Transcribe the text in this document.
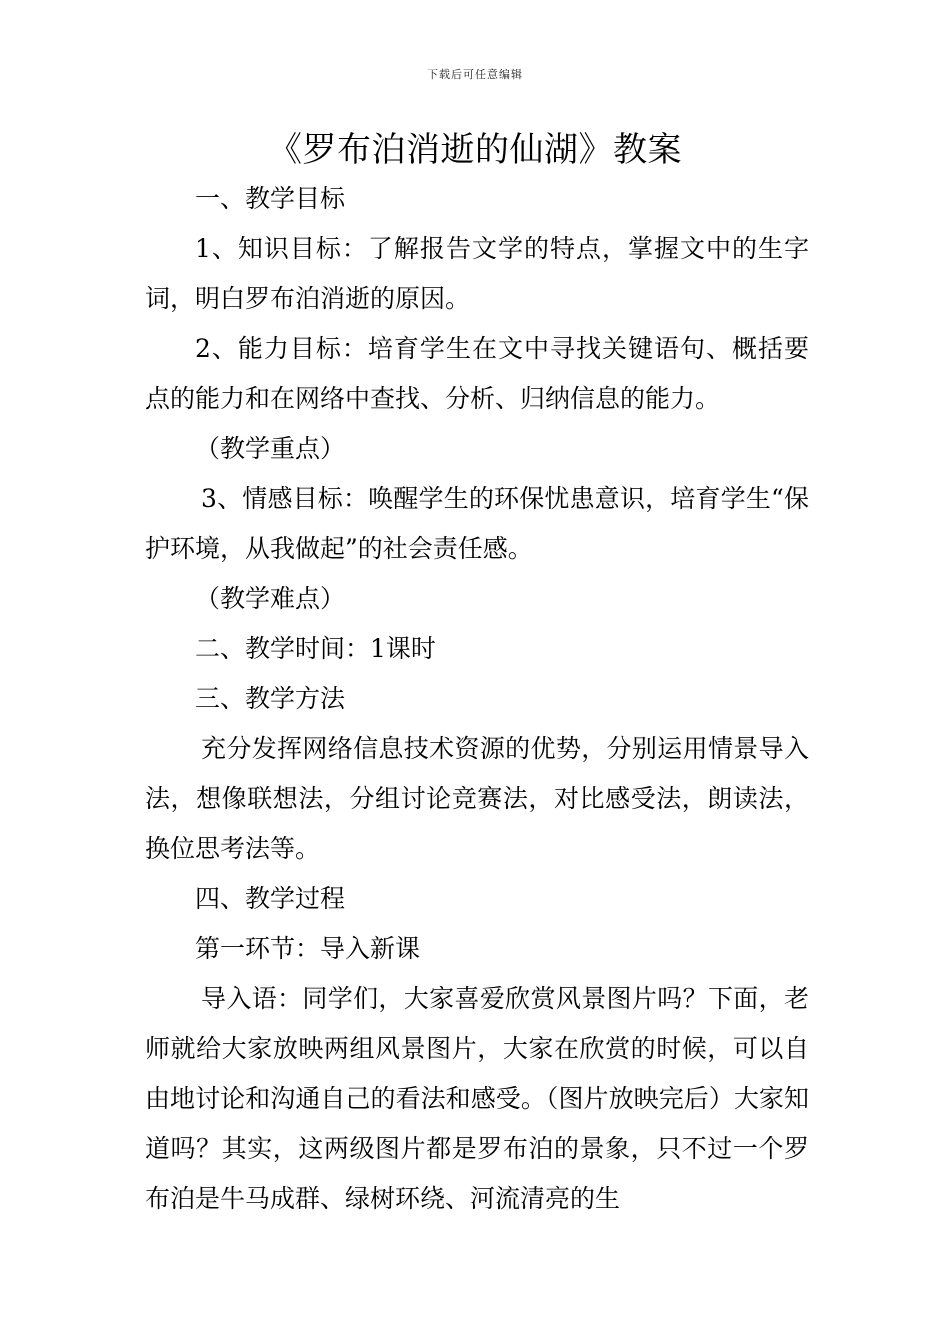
下载后可任意编辑
《罗布泊消逝的仙湖》教案

一、教学目标

1、知识目标：了解报告文学的特点，掌握文中的生字词，明白罗布泊消逝的原因。

2、能力目标：培育学生在文中寻找关键语句、概括要点的能力和在网络中查找、分析、归纳信息的能力。

（教学重点）

3、情感目标：唤醒学生的环保忧患意识，培育学生“保护环境，从我做起”的社会责任感。

（教学难点）

二、教学时间：1课时

三、教学方法

充分发挥网络信息技术资源的优势，分别运用情景导入法，想像联想法，分组讨论竞赛法，对比感受法，朗读法，换位思考法等。

四、教学过程

第一环节：导入新课

导入语：同学们，大家喜爱欣赏风景图片吗？下面，老师就给大家放映两组风景图片，大家在欣赏的时候，可以自由地讨论和沟通自己的看法和感受。（图片放映完后）大家知道吗？其实，这两级图片都是罗布泊的景象，只不过一个罗布泊是牛马成群、绿树环绕、河流清亮的生
